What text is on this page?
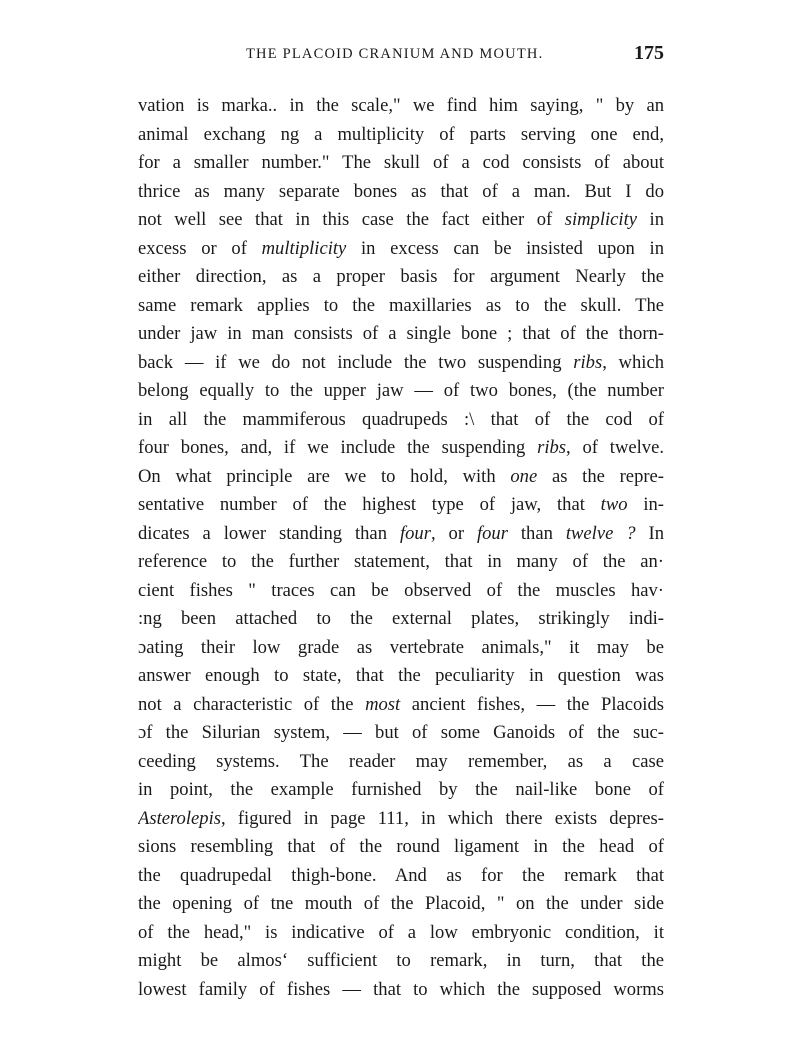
THE PLACOID CRANIUM AND MOUTH.	175
vation is marka.. in the scale," we find him saying, " by an
animal exchang ng a multiplicity of parts serving one end,
for a smaller number." The skull of a cod consists of about
thrice as many separate bones as that of a man. But I do
not well see that in this case the fact either of simplicity in
excess or of multiplicity in excess can be insisted upon in
either direction, as a proper basis for argument Nearly the
same remark applies to the maxillaries as to the skull. The
under jaw in man consists of a single bone ; that of the thorn-
back — if we do not include the two suspending ribs, which
belong equally to the upper jaw — of two bones, (the number
in all the mammiferous quadrupeds :\ that of the cod of
four bones, and, if we include the suspending ribs, of twelve.
On what principle are we to hold, with one as the repre-
sentative number of the highest type of jaw, that two in-
dicates a lower standing than four, or four than twelve ? In
reference to the further statement, that in many of the an·
cient fishes " traces can be observed of the muscles hav·
:ng been attached to the external plates, strikingly indi-
ɔating their low grade as vertebrate animals," it may be
answer enough to state, that the peculiarity in question was
not a characteristic of the most ancient fishes, — the Placoids
ɔf the Silurian system, — but of some Ganoids of the suc-
ceeding systems. The reader may remember, as a case
in point, the example furnished by the nail-like bone of
Asterolepis, figured in page 111, in which there exists depres-
sions resembling that of the round ligament in the head of
the quadrupedal thigh-bone. And as for the remark that
the opening of tne mouth of the Placoid, " on the under side
of the head," is indicative of a low embryonic condition, it
might be almos‘ sufficient to remark, in turn, that the
lowest family of fishes — that to which the supposed worms
